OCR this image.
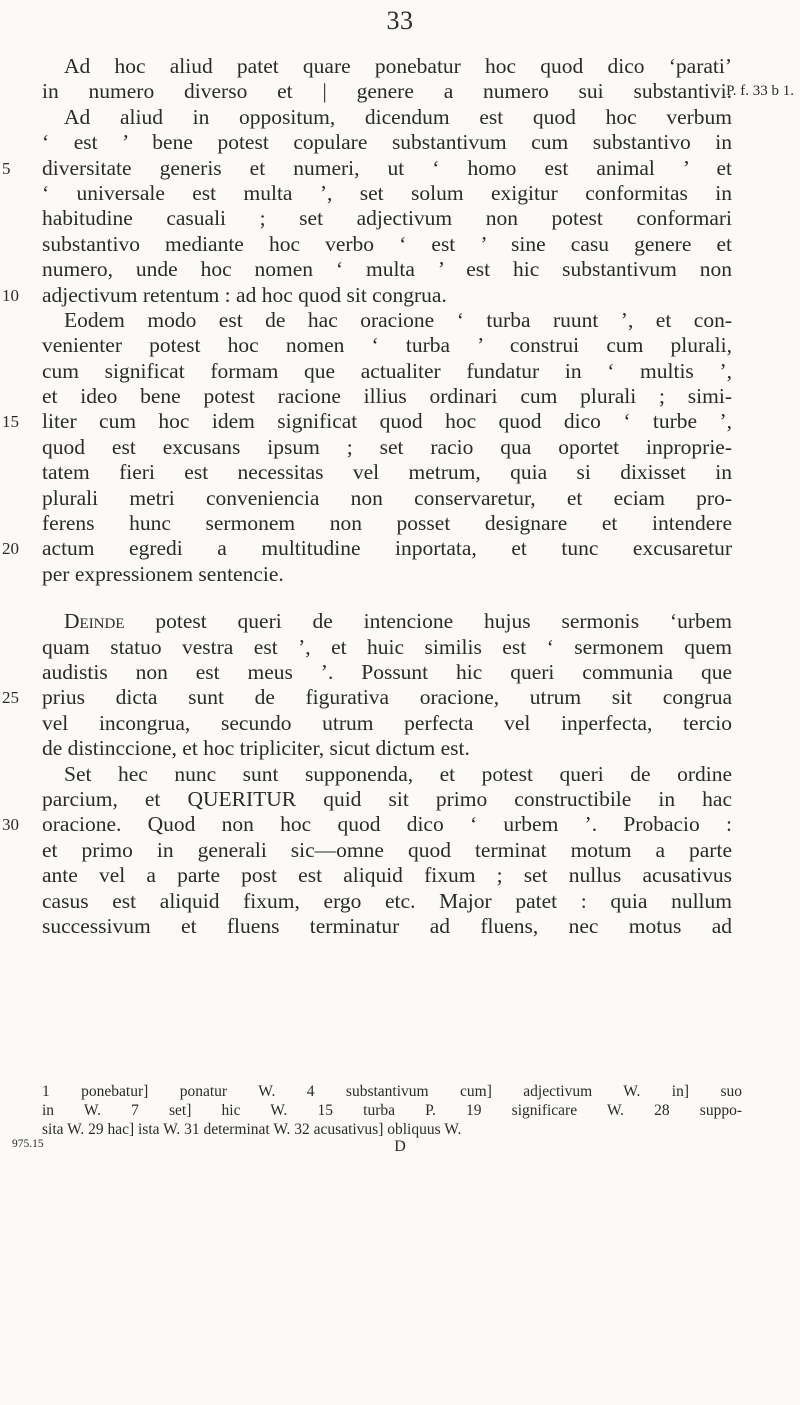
33
Ad hoc aliud patet quare ponebatur hoc quod dico ‘parati’
in numero diverso et | genere a numero sui substantivi.
P. f. 33 b 1.
Ad aliud in oppositum, dicendum est quod hoc verbum
‘ est ’ bene potest copulare substantivum cum substantivo in
5 diversitate generis et numeri, ut ‘ homo est animal ’ et
‘ universale est multa ’, set solum exigitur conformitas in
habitudine casuali ; set adjectivum non potest conformari
substantivo mediante hoc verbo ‘ est ’ sine casu genere et
numero, unde hoc nomen ‘ multa ’ est hic substantivum non
10 adjectivum retentum : ad hoc quod sit congrua.
Eodem modo est de hac oracione ‘ turba ruunt ’, et con-
venienter potest hoc nomen ‘ turba ’ construi cum plurali,
cum significat formam que actualiter fundatur in ‘ multis ’,
et ideo bene potest racione illius ordinari cum plurali ; simi-
15 liter cum hoc idem significat quod hoc quod dico ‘ turbe ’,
quod est excusans ipsum ; set racio qua oportet inproprie-
tatem fieri est necessitas vel metrum, quia si dixisset in
plurali metri conveniencia non conservaretur, et eciam pro-
ferens hunc sermonem non posset designare et intendere
20 actum egredi a multitudine inportata, et tunc excusaretur
per expressionem sentencie.
Deinde potest queri de intencione hujus sermonis ‘urbem
quam statuo vestra est ’, et huic similis est ‘ sermonem quem
audistis non est meus ’. Possunt hic queri communia que
25 prius dicta sunt de figurativa oracione, utrum sit congrua
vel incongrua, secundo utrum perfecta vel inperfecta, tercio
de distinccione, et hoc tripliciter, sicut dictum est.
Set hec nunc sunt supponenda, et potest queri de ordine
parcium, et QUERITUR quid sit primo constructibile in hac
30 oracione. Quod non hoc quod dico ‘ urbem ’. Probacio :
et primo in generali sic—omne quod terminat motum a parte
ante vel a parte post est aliquid fixum ; set nullus acusativus
casus est aliquid fixum, ergo etc. Major patet : quia nullum
successivum et fluens terminatur ad fluens, nec motus ad
1 ponebatur] ponatur W. 4 substantivum cum] adjectivum W. in] suo
in W. 7 set] hic W. 15 turba P. 19 significare W. 28 suppo-
sita W. 29 hac] ista W. 31 determinat W. 32 acusativus] obliquus W.
975.15	D
